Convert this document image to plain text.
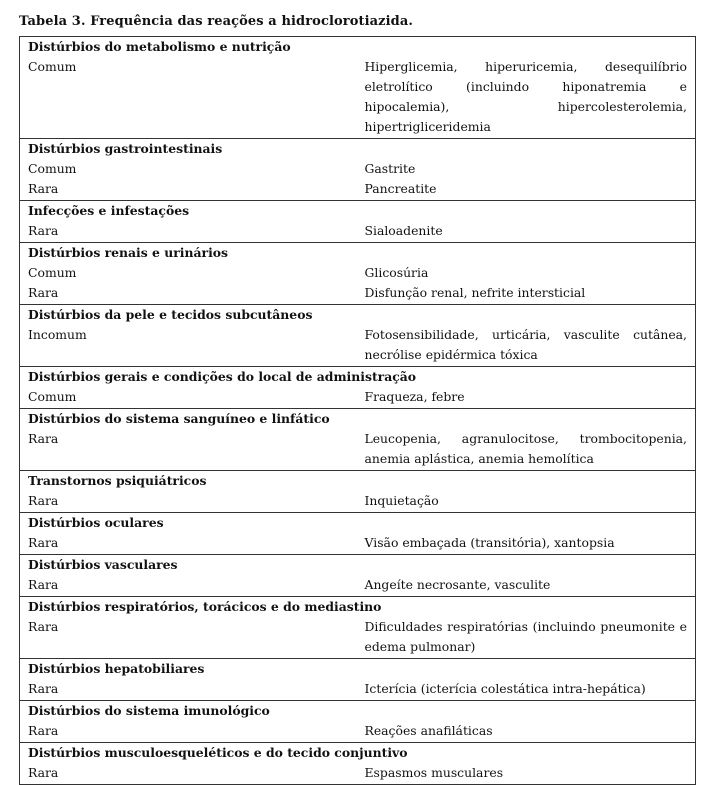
Tabela 3. Frequência das reações a hidroclorotiazida.
Distúrbios do metabolismo e nutrição	
Comum	Hiperglicemia, hiperuricemia, desequilíbrio eletrolítico (incluindo hiponatremia e hipocalemia), hipercolesterolemia, hipertrigliceridemia
Distúrbios gastrointestinais	
Comum	Gastrite
Rara	Pancreatite
Infecções e infestações	
Rara	Sialoadenite
Distúrbios renais e urinários	
Comum	Glicosúria
Rara	Disfunção renal, nefrite intersticial
Distúrbios da pele e tecidos subcutâneos	
Incomum	Fotosensibilidade, urticária, vasculite cutânea, necrólise epidérmica tóxica
Distúrbios gerais e condições do local de administração	
Comum	Fraqueza, febre
Distúrbios do sistema sanguíneo e linfático	
Rara	Leucopenia, agranulocitose, trombocitopenia, anemia aplástica, anemia hemolítica
Transtornos psiquiátricos	
Rara	Inquietação
Distúrbios oculares	
Rara	Visão embaçada (transitória), xantopsia
Distúrbios vasculares	
Rara	Angeíte necrosante, vasculite
Distúrbios respiratórios, torácicos e do mediastino	
Rara	Dificuldades respiratórias (incluindo pneumonite e edema pulmonar)
Distúrbios hepatobiliares	
Rara	Icterícia (icterícia colestática intra-hepática)
Distúrbios do sistema imunológico	
Rara	Reações anafiláticas
Distúrbios musculoesqueléticos e do tecido conjuntivo	
Rara	Espasmos musculares
